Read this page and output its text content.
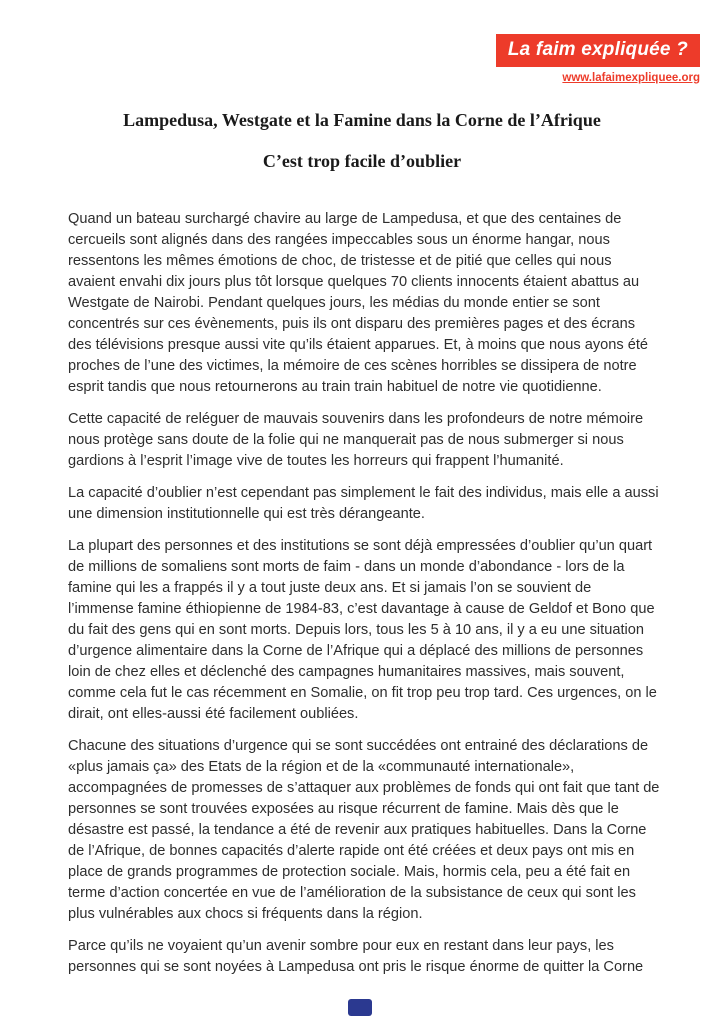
La faim expliquée ?
www.lafaimexpliquee.org
Lampedusa, Westgate et la Famine dans la Corne de l’Afrique
C’est trop facile d’oublier

Quand un bateau surchargé chavire au large de Lampedusa, et que des centaines de cercueils sont alignés dans des rangées impeccables sous un énorme hangar, nous ressentons les mêmes émotions de choc, de tristesse et de pitié que celles qui nous avaient envahi dix jours plus tôt lorsque quelques 70 clients innocents étaient abattus au Westgate de Nairobi. Pendant quelques jours, les médias du monde entier se sont concentrés sur ces évènements, puis ils ont disparu des premières pages et des écrans des télévisions presque aussi vite qu’ils étaient apparues. Et, à moins que nous ayons été proches de l’une des victimes, la mémoire de ces scènes horribles se dissipera de notre esprit tandis que nous retournerons au train train habituel de notre vie quotidienne.

Cette capacité de reléguer de mauvais souvenirs dans les profondeurs de notre mémoire nous protège sans doute de la folie qui ne manquerait pas de nous submerger si nous gardions à l’esprit l’image vive de toutes les horreurs qui frappent l’humanité.

La capacité d’oublier n’est cependant pas simplement le fait des individus, mais elle a aussi une dimension institutionnelle qui est très dérangeante.

La plupart des personnes et des institutions se sont déjà empressées d’oublier qu’un quart de millions de somaliens sont morts de faim - dans un monde d’abondance - lors de la famine qui les a frappés il y a tout juste deux ans. Et si jamais l’on se souvient de l’immense famine éthiopienne de 1984-83, c’est davantage à cause de Geldof et Bono que du fait des gens qui en sont morts. Depuis lors, tous les 5 à 10 ans, il y a eu une situation d’urgence alimentaire dans la Corne de l’Afrique qui a déplacé des millions de personnes loin de chez elles et déclenché des campagnes humanitaires massives, mais souvent, comme cela fut le cas récemment en Somalie, on fit trop peu trop tard. Ces urgences, on le dirait, ont elles-aussi été facilement oubliées.

Chacune des situations d’urgence qui se sont succédées ont entrainé des déclarations de «plus jamais ça» des Etats de la région et de la «communauté internationale», accompagnées de promesses de s’attaquer aux problèmes de fonds qui ont fait que tant de personnes se sont trouvées exposées au risque récurrent de famine. Mais dès que le désastre est passé, la tendance a été de revenir aux pratiques habituelles. Dans la Corne de l’Afrique, de bonnes capacités d’alerte rapide ont été créées et deux pays ont mis en place de grands programmes de protection sociale. Mais, hormis cela, peu a été fait en terme d’action concertée en vue de l’amélioration de la subsistance de ceux qui sont les plus vulnérables aux chocs si fréquents dans la région.

Parce qu’ils ne voyaient qu’un avenir sombre pour eux en restant dans leur pays, les personnes qui se sont noyées à Lampedusa ont pris le risque énorme de quitter la Corne
